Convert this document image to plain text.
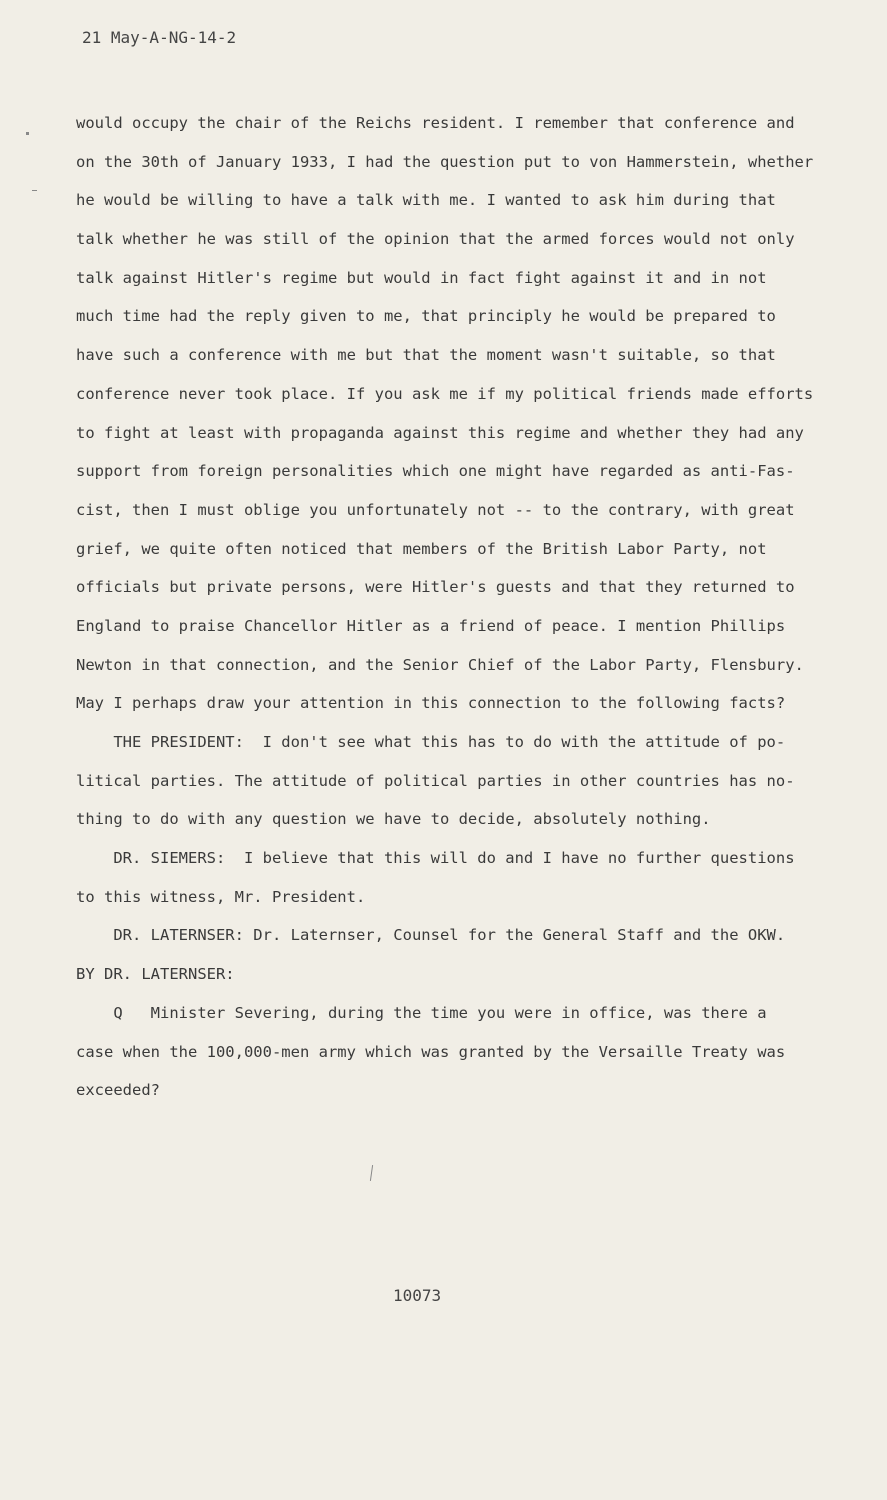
21 May-A-NG-14-2
would occupy the chair of the Reichs resident. I remember that conference and
on the 30th of January 1933, I had the question put to von Hammerstein, whether
he would be willing to have a talk with me. I wanted to ask him during that
talk whether he was still of the opinion that the armed forces would not only
talk against Hitler's regime but would in fact fight against it and in not
much time had the reply given to me, that principly he would be prepared to
have such a conference with me but that the moment wasn't suitable, so that
conference never took place. If you ask me if my political friends made efforts
to fight at least with propaganda against this regime and whether they had any
support from foreign personalities which one might have regarded as anti-Fas-
cist, then I must oblige you unfortunately not -- to the contrary, with great
grief, we quite often noticed that members of the British Labor Party, not
officials but private persons, were Hitler's guests and that they returned to
England to praise Chancellor Hitler as a friend of peace. I mention Phillips
Newton in that connection, and the Senior Chief of the Labor Party, Flensbury.
May I perhaps draw your attention in this connection to the following facts?
THE PRESIDENT:  I don't see what this has to do with the attitude of po-
litical parties. The attitude of political parties in other countries has no-
thing to do with any question we have to decide, absolutely nothing.
DR. SIEMERS:  I believe that this will do and I have no further questions
to this witness, Mr. President.
DR. LATERNSER: Dr. Laternser, Counsel for the General Staff and the OKW.
BY DR. LATERNSER:
Q   Minister Severing, during the time you were in office, was there a
case when the 100,000-men army which was granted by the Versaille Treaty was
exceeded?
10073
